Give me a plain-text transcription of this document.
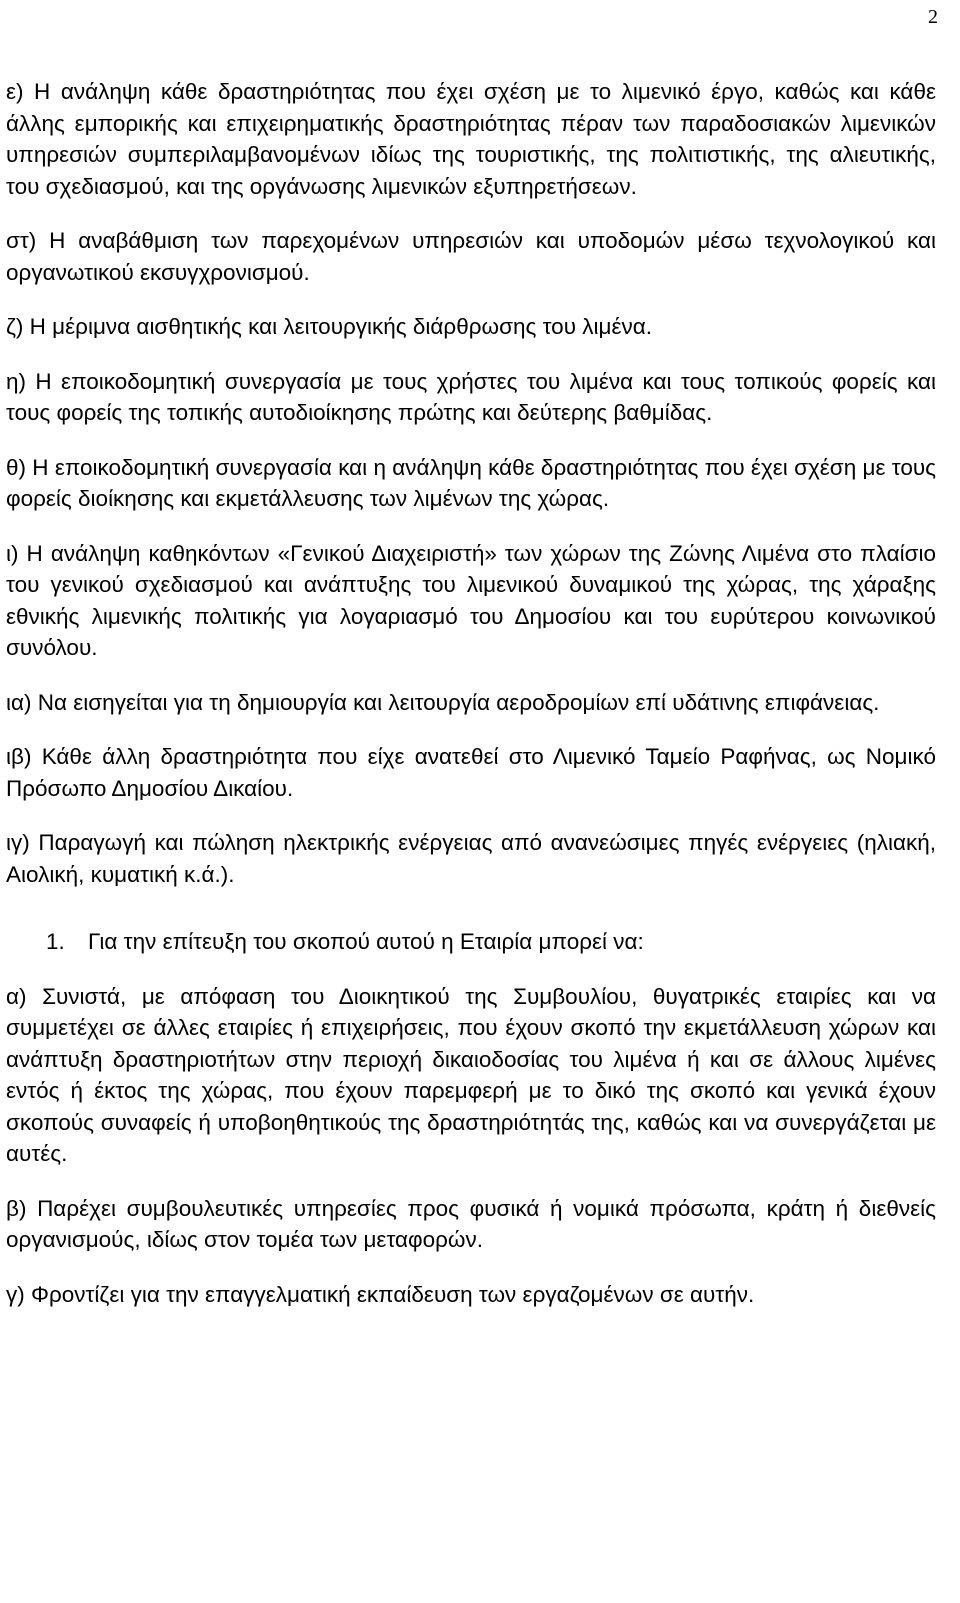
2

ε) Η ανάληψη κάθε δραστηριότητας που έχει σχέση με το λιμενικό έργο, καθώς και κάθε άλλης εμπορικής και επιχειρηματικής δραστηριότητας πέραν των παραδοσιακών λιμενικών υπηρεσιών συμπεριλαμβανομένων ιδίως της τουριστικής, της πολιτιστικής, της αλιευτικής, του σχεδιασμού, και της οργάνωσης λιμενικών εξυπηρετήσεων.

στ) Η αναβάθμιση των παρεχομένων υπηρεσιών και υποδομών μέσω τεχνολογικού και οργανωτικού εκσυγχρονισμού.

ζ) Η μέριμνα αισθητικής και λειτουργικής διάρθρωσης του λιμένα.

η) Η εποικοδομητική συνεργασία με τους χρήστες του λιμένα και τους τοπικούς φορείς και τους φορείς της τοπικής αυτοδιοίκησης πρώτης και δεύτερης βαθμίδας.

θ) Η εποικοδομητική συνεργασία και η ανάληψη κάθε δραστηριότητας που έχει σχέση με τους φορείς διοίκησης και εκμετάλλευσης των λιμένων της χώρας.

ι) Η ανάληψη καθηκόντων «Γενικού Διαχειριστή» των χώρων της Ζώνης Λιμένα στο πλαίσιο του γενικού σχεδιασμού και ανάπτυξης του λιμενικού δυναμικού της χώρας, της χάραξης εθνικής λιμενικής πολιτικής για λογαριασμό του Δημοσίου και του ευρύτερου κοινωνικού συνόλου.

ια) Να εισηγείται για τη δημιουργία και λειτουργία αεροδρομίων επί υδάτινης επιφάνειας.

ιβ) Κάθε άλλη δραστηριότητα που είχε ανατεθεί στο Λιμενικό Ταμείο Ραφήνας, ως Νομικό Πρόσωπο Δημοσίου Δικαίου.

ιγ) Παραγωγή και πώληση ηλεκτρικής ενέργειας από ανανεώσιμες πηγές ενέργειες (ηλιακή, Αιολική, κυματική κ.ά.).

1. Για την επίτευξη του σκοπού αυτού η Εταιρία μπορεί να:

α) Συνιστά, με απόφαση του Διοικητικού της Συμβουλίου, θυγατρικές εταιρίες και να συμμετέχει σε άλλες εταιρίες ή επιχειρήσεις, που έχουν σκοπό την εκμετάλλευση χώρων και ανάπτυξη δραστηριοτήτων στην περιοχή δικαιοδοσίας του λιμένα ή και σε άλλους λιμένες εντός ή έκτος της χώρας, που έχουν παρεμφερή με το δικό της σκοπό και γενικά έχουν σκοπούς συναφείς ή υποβοηθητικούς της δραστηριότητάς της, καθώς και να συνεργάζεται με αυτές.

β) Παρέχει συμβουλευτικές υπηρεσίες προς φυσικά ή νομικά πρόσωπα, κράτη ή διεθνείς οργανισμούς, ιδίως στον τομέα των μεταφορών.

γ) Φροντίζει για την επαγγελματική εκπαίδευση των εργαζομένων σε αυτήν.
